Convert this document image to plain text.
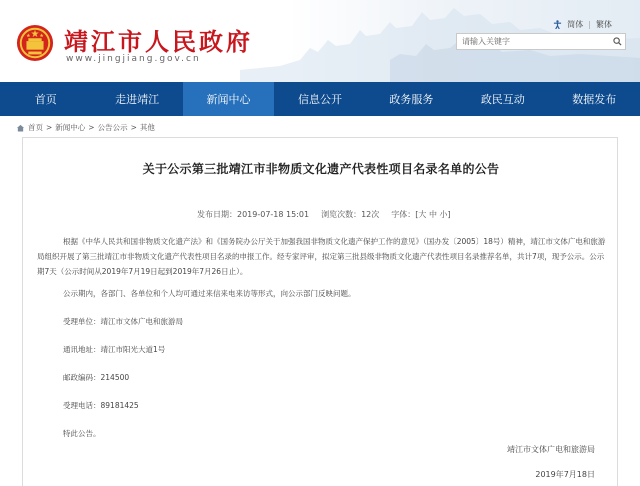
靖江市人民政府
www.jingjiang.gov.cn
简体 | 繁体
请输入关键字
首页	走进靖江	新闻中心	信息公开	政务服务	政民互动	数据发布
首页 > 新闻中心 > 公告公示 > 其他
关于公示第三批靖江市非物质文化遗产代表性项目名录名单的公告
发布日期：2019-07-18 15:01 浏览次数：12次 字体：[大 中 小]

根据《中华人民共和国非物质文化遗产法》和《国务院办公厅关于加强我国非物质文化遗产保护工作的意见》（国办发〔2005〕18号）精神，靖江市文体广电和旅游局组织开展了第三批靖江市非物质文化遗产代表性项目名录的申报工作。经专家评审，拟定第三批县级非物质文化遗产代表性项目名录推荐名单，共计7项，现予公示。公示期7天（公示时间从2019年7月19日起到2019年7月26日止）。

公示期内，各部门、各单位和个人均可通过来信来电来访等形式，向公示部门反映问题。

受理单位：靖江市文体广电和旅游局

通讯地址：靖江市阳光大道1号

邮政编码：214500

受理电话：89181425

特此公告。

靖江市文体广电和旅游局
2019年7月18日
